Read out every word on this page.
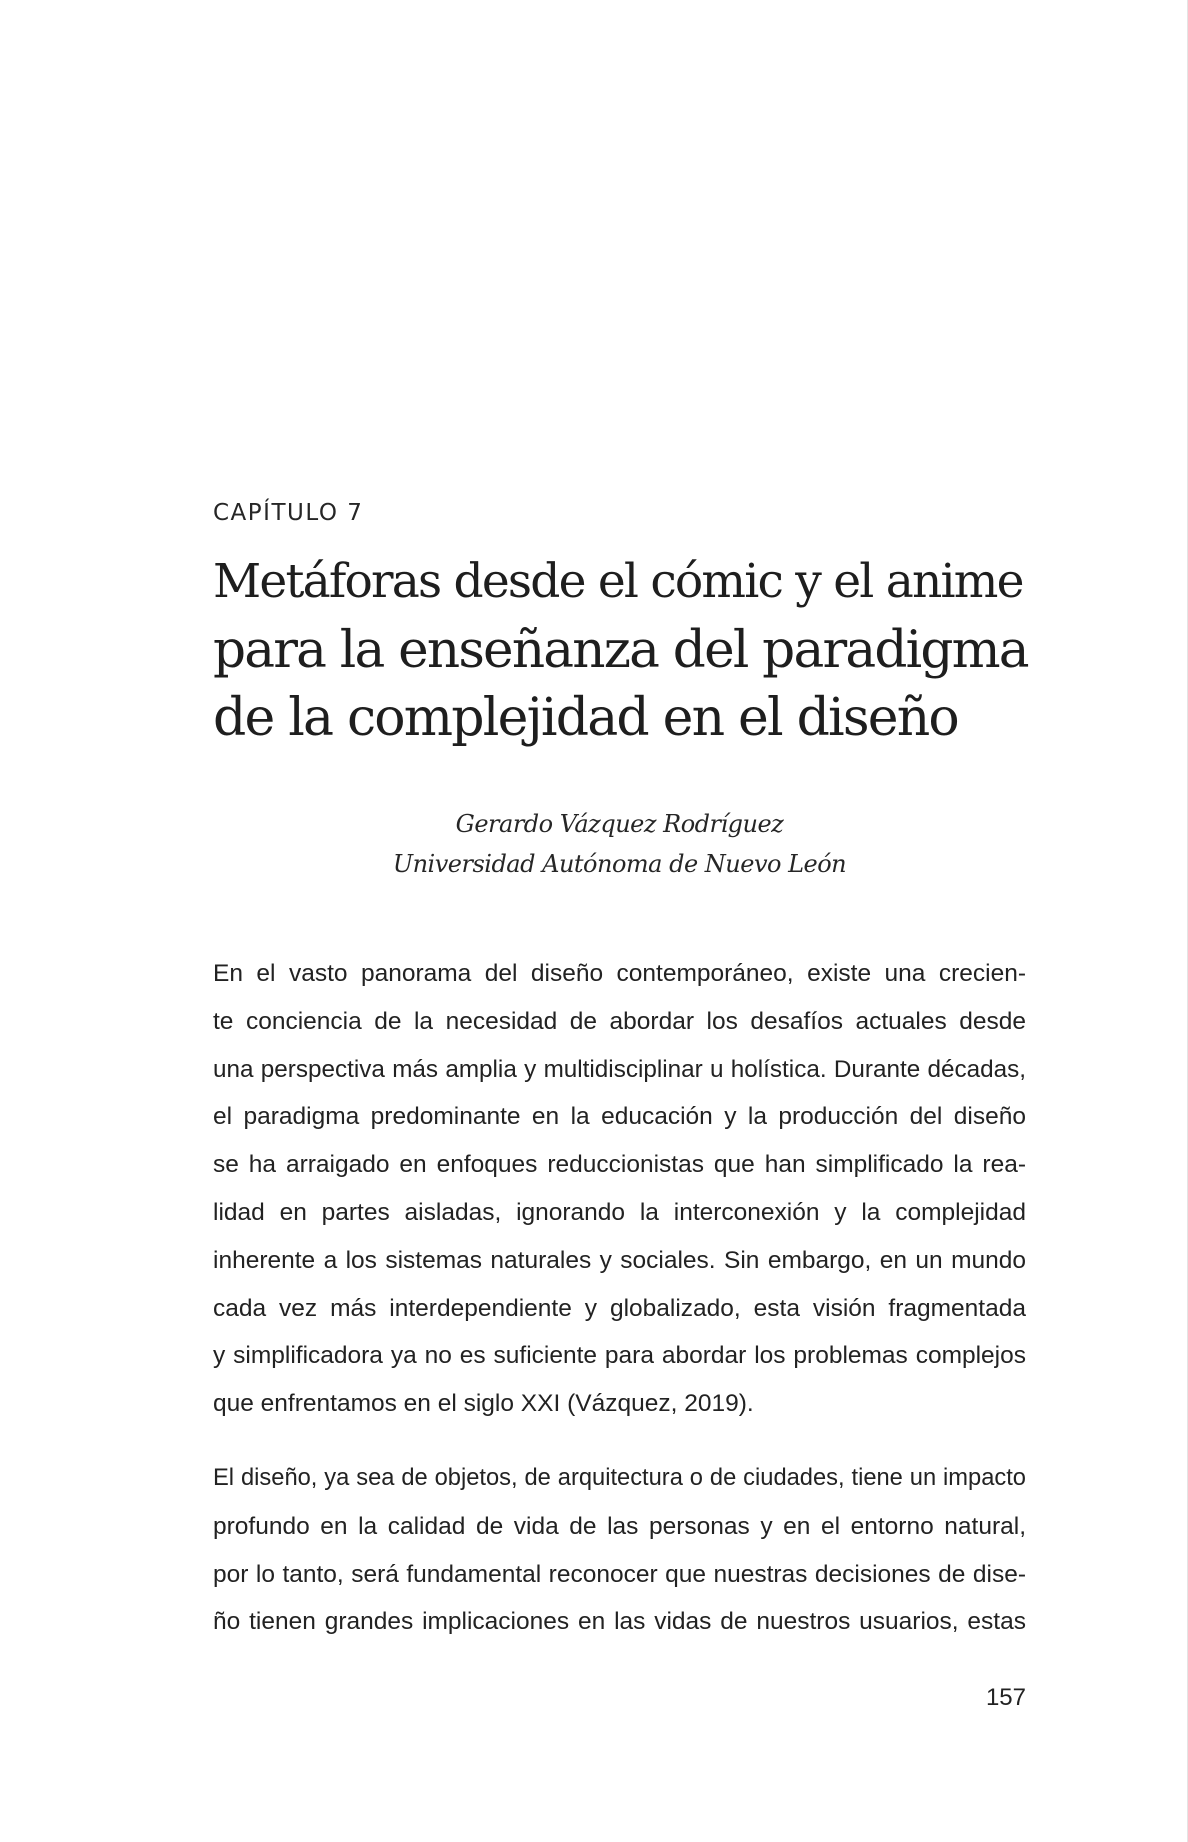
CAPÍTULO 7
Metáforas desde el cómic y el anime
para la enseñanza del paradigma
de la complejidad en el diseño
Gerardo Vázquez Rodríguez
Universidad Autónoma de Nuevo León
En el vasto panorama del diseño contemporáneo, existe una crecien-
te conciencia de la necesidad de abordar los desafíos actuales desde
una perspectiva más amplia y multidisciplinar u holística. Durante décadas,
el paradigma predominante en la educación y la producción del diseño
se ha arraigado en enfoques reduccionistas que han simplificado la rea-
lidad en partes aisladas, ignorando la interconexión y la complejidad
inherente a los sistemas naturales y sociales. Sin embargo, en un mundo
cada vez más interdependiente y globalizado, esta visión fragmentada
y simplificadora ya no es suficiente para abordar los problemas complejos
que enfrentamos en el siglo XXI (Vázquez, 2019).
El diseño, ya sea de objetos, de arquitectura o de ciudades, tiene un impacto
profundo en la calidad de vida de las personas y en el entorno natural,
por lo tanto, será fundamental reconocer que nuestras decisiones de dise-
ño tienen grandes implicaciones en las vidas de nuestros usuarios, estas
157
